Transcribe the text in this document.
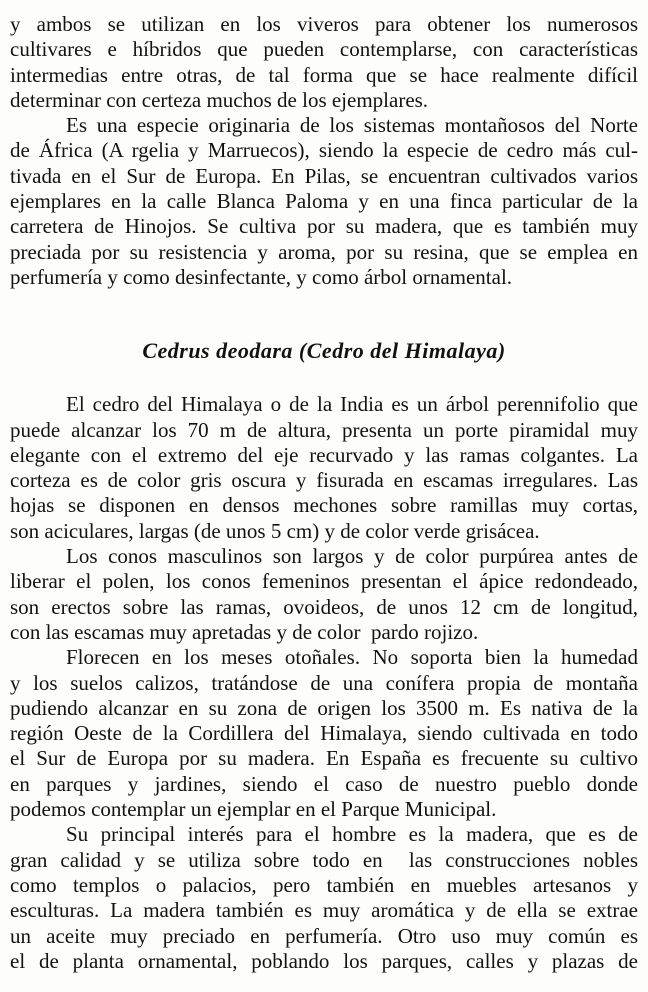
y ambos se utilizan en los viveros para obtener los numerosos
cultivares e híbridos que pueden contemplarse, con características
intermedias entre otras, de tal forma que se hace realmente difícil
determinar con certeza muchos de los ejemplares.
Es una especie originaria de los sistemas montañosos del Norte
de África (A rgelia y Marruecos), siendo la especie de cedro más cul-
tivada en el Sur de Europa. En Pilas, se encuentran cultivados varios
ejemplares en la calle Blanca Paloma y en una finca particular de la
carretera de Hinojos. Se cultiva por su madera, que es también muy
preciada por su resistencia y aroma, por su resina, que se emplea en
perfumería y como desinfectante, y como árbol ornamental.
Cedrus deodara (Cedro del Himalaya)
El cedro del Himalaya o de la India es un árbol perennifolio que
puede alcanzar los 70 m de altura, presenta un porte piramidal muy
elegante con el extremo del eje recurvado y las ramas colgantes. La
corteza es de color gris oscura y fisurada en escamas irregulares. Las
hojas se disponen en densos mechones sobre ramillas muy cortas,
son aciculares, largas (de unos 5 cm) y de color verde grisácea.
Los conos masculinos son largos y de color purpúrea antes de
liberar el polen, los conos femeninos presentan el ápice redondeado,
son erectos sobre las ramas, ovoideos, de unos 12 cm de longitud,
con las escamas muy apretadas y de color  pardo rojizo.
Florecen en los meses otoñales. No soporta bien la humedad
y los suelos calizos, tratándose de una conífera propia de montaña
pudiendo alcanzar en su zona de origen los 3500 m. Es nativa de la
región Oeste de la Cordillera del Himalaya, siendo cultivada en todo
el Sur de Europa por su madera. En España es frecuente su cultivo
en parques y jardines, siendo el caso de nuestro pueblo donde
podemos contemplar un ejemplar en el Parque Municipal.
Su principal interés para el hombre es la madera, que es de
gran calidad y se utiliza sobre todo en  las construcciones nobles
como templos o palacios, pero también en muebles artesanos y
esculturas. La madera también es muy aromática y de ella se extrae
un aceite muy preciado en perfumería. Otro uso muy común es
el de planta ornamental, poblando los parques, calles y plazas de
